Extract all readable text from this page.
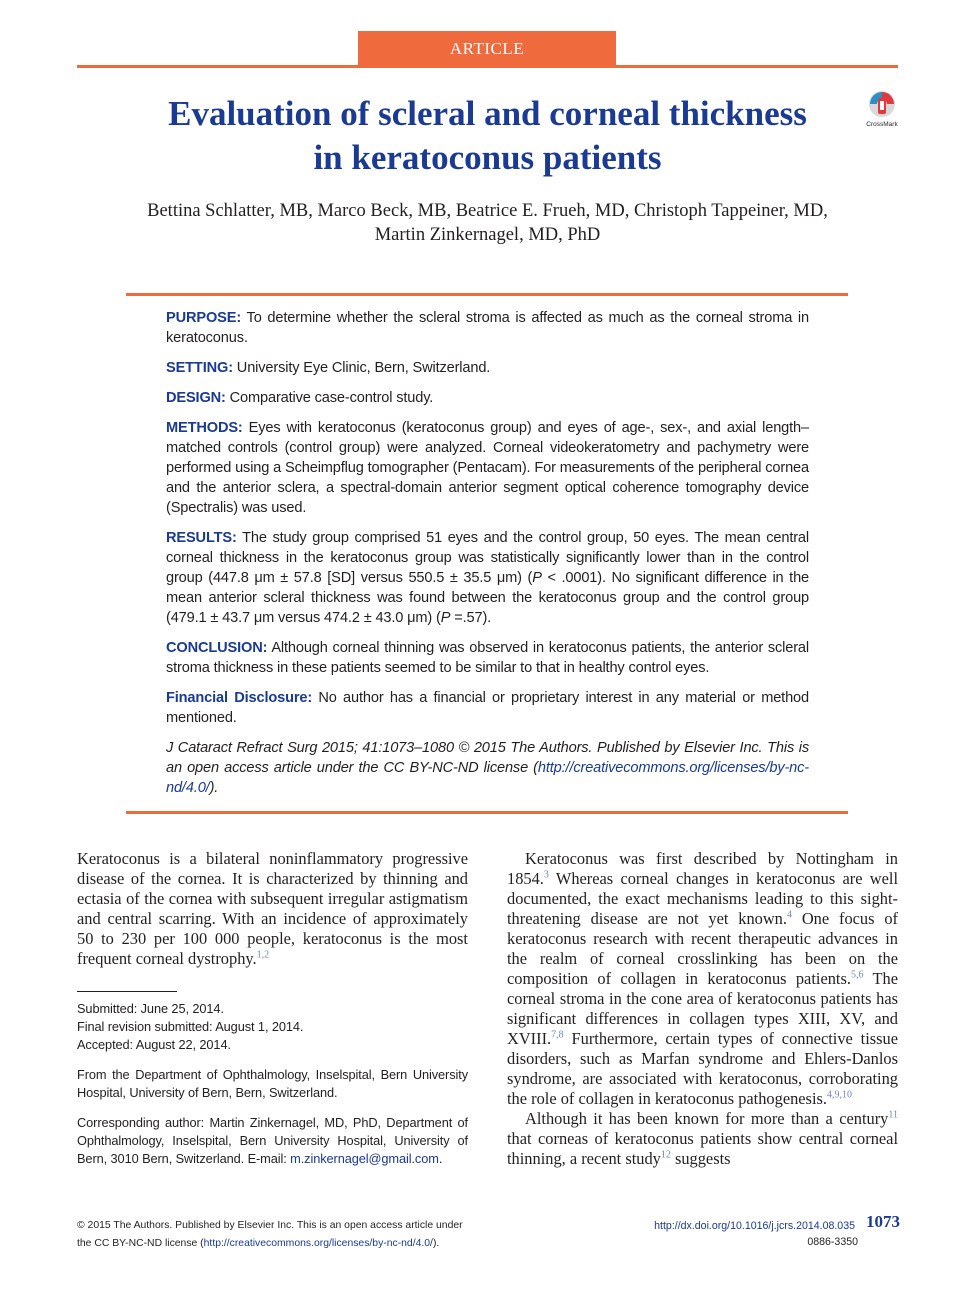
ARTICLE
Evaluation of scleral and corneal thickness
in keratoconus patients
CrossMark
Bettina Schlatter, MB, Marco Beck, MB, Beatrice E. Frueh, MD, Christoph Tappeiner, MD,
Martin Zinkernagel, MD, PhD

PURPOSE: To determine whether the scleral stroma is affected as much as the corneal stroma in keratoconus.

SETTING: University Eye Clinic, Bern, Switzerland.

DESIGN: Comparative case-control study.

METHODS: Eyes with keratoconus (keratoconus group) and eyes of age-, sex-, and axial length–matched controls (control group) were analyzed. Corneal videokeratometry and pachymetry were performed using a Scheimpflug tomographer (Pentacam). For measurements of the peripheral cornea and the anterior sclera, a spectral-domain anterior segment optical coherence tomography device (Spectralis) was used.

RESULTS: The study group comprised 51 eyes and the control group, 50 eyes. The mean central corneal thickness in the keratoconus group was statistically significantly lower than in the control group (447.8 μm ± 57.8 [SD] versus 550.5 ± 35.5 μm) (P < .0001). No significant difference in the mean anterior scleral thickness was found between the keratoconus group and the control group (479.1 ± 43.7 μm versus 474.2 ± 43.0 μm) (P =.57).

CONCLUSION: Although corneal thinning was observed in keratoconus patients, the anterior scleral stroma thickness in these patients seemed to be similar to that in healthy control eyes.

Financial Disclosure: No author has a financial or proprietary interest in any material or method mentioned.

J Cataract Refract Surg 2015; 41:1073–1080 © 2015 The Authors. Published by Elsevier Inc. This is an open access article under the CC BY-NC-ND license (http://creativecommons.org/licenses/by-nc-nd/4.0/).

Keratoconus is a bilateral noninflammatory progressive disease of the cornea. It is characterized by thinning and ectasia of the cornea with subsequent irregular astigmatism and central scarring. With an incidence of approximately 50 to 230 per 100 000 people, keratoconus is the most frequent corneal dystrophy.$^{1,2}$

Submitted: June 25, 2014.

Final revision submitted: August 1, 2014.

Accepted: August 22, 2014.

From the Department of Ophthalmology, Inselspital, Bern University Hospital, University of Bern, Bern, Switzerland.

Corresponding author: Martin Zinkernagel, MD, PhD, Department of Ophthalmology, Inselspital, Bern University Hospital, University of Bern, 3010 Bern, Switzerland. E-mail: m.zinkernagel@gmail.com.

Keratoconus was first described by Nottingham in 1854.$^3$ Whereas corneal changes in keratoconus are well documented, the exact mechanisms leading to this sight-threatening disease are not yet known.$^4$ One focus of keratoconus research with recent therapeutic advances in the realm of corneal crosslinking has been on the composition of collagen in keratoconus patients.$^{5,6}$ The corneal stroma in the cone area of keratoconus patients has significant differences in collagen types XIII, XV, and XVIII.$^{7,8}$ Furthermore, certain types of connective tissue disorders, such as Marfan syndrome and Ehlers-Danlos syndrome, are associated with keratoconus, corroborating the role of collagen in keratoconus pathogenesis.$^{4,9,10}$

Although it has been known for more than a century$^{11}$ that corneas of keratoconus patients show central corneal thinning, a recent study$^{12}$ suggests

© 2015 The Authors. Published by Elsevier Inc. This is an open access article under
the CC BY-NC-ND license (http://creativecommons.org/licenses/by-nc-nd/4.0/).
http://dx.doi.org/10.1016/j.jcrs.2014.08.035 1073
0886-3350
